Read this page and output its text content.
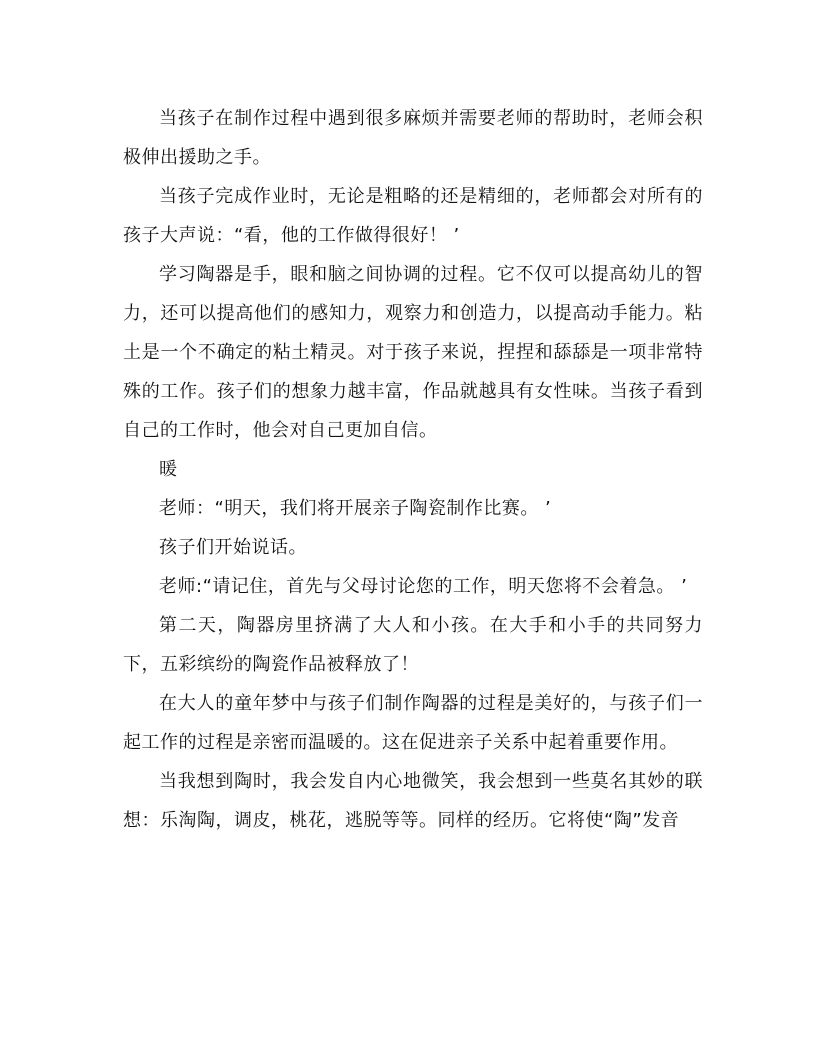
当孩子在制作过程中遇到很多麻烦并需要老师的帮助时，老师会积极伸出援助之手。

当孩子完成作业时，无论是粗略的还是精细的，老师都会对所有的孩子大声说：“看，他的工作做得很好！ ’

学习陶器是手，眼和脑之间协调的过程。它不仅可以提高幼儿的智力，还可以提高他们的感知力，观察力和创造力，以提高动手能力。粘土是一个不确定的粘土精灵。对于孩子来说，捏捏和舔舔是一项非常特殊的工作。孩子们的想象力越丰富，作品就越具有女性味。当孩子看到自己的工作时，他会对自己更加自信。

暖

老师：“明天，我们将开展亲子陶瓷制作比赛。 ’

孩子们开始说话。

老师:“请记住，首先与父母讨论您的工作，明天您将不会着急。 ’

第二天，陶器房里挤满了大人和小孩。在大手和小手的共同努力下，五彩缤纷的陶瓷作品被释放了！

在大人的童年梦中与孩子们制作陶器的过程是美好的，与孩子们一起工作的过程是亲密而温暖的。这在促进亲子关系中起着重要作用。

当我想到陶时，我会发自内心地微笑，我会想到一些莫名其妙的联想：乐淘陶，调皮，桃花，逃脱等等。同样的经历。它将使“陶”发音
